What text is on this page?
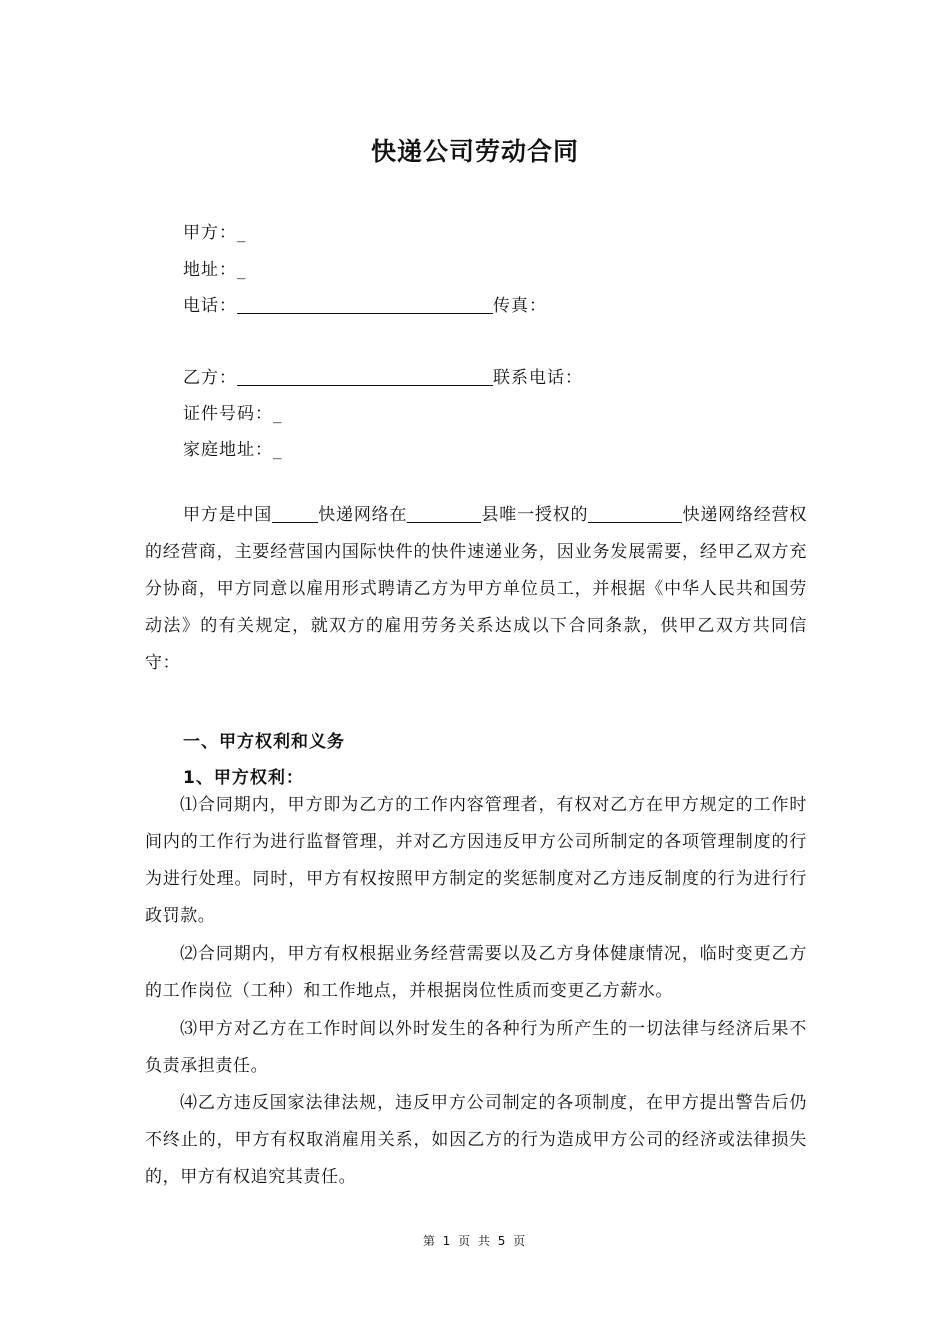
快递公司劳动合同
甲方：_
地址：_
电话：	传真：
乙方：	联系电话：
证件号码：_
家庭地址：_
甲方是中国	快递网络在	县唯一授权的	快递网络经营权的经营商，主要经营国内国际快件的快件速递业务，因业务发展需要，经甲乙双方充分协商，甲方同意以雇用形式聘请乙方为甲方单位员工，并根据《中华人民共和国劳动法》的有关规定，就双方的雇用劳务关系达成以下合同条款，供甲乙双方共同信守：
一、甲方权利和义务
1、甲方权利：
⑴合同期内，甲方即为乙方的工作内容管理者，有权对乙方在甲方规定的工作时间内的工作行为进行监督管理，并对乙方因违反甲方公司所制定的各项管理制度的行为进行处理。同时，甲方有权按照甲方制定的奖惩制度对乙方违反制度的行为进行行政罚款。
⑵合同期内，甲方有权根据业务经营需要以及乙方身体健康情况，临时变更乙方的工作岗位（工种）和工作地点，并根据岗位性质而变更乙方薪水。
⑶甲方对乙方在工作时间以外时发生的各种行为所产生的一切法律与经济后果不负责承担责任。
⑷乙方违反国家法律法规，违反甲方公司制定的各项制度，在甲方提出警告后仍不终止的，甲方有权取消雇用关系，如因乙方的行为造成甲方公司的经济或法律损失的，甲方有权追究其责任。
第 1 页 共 5 页
